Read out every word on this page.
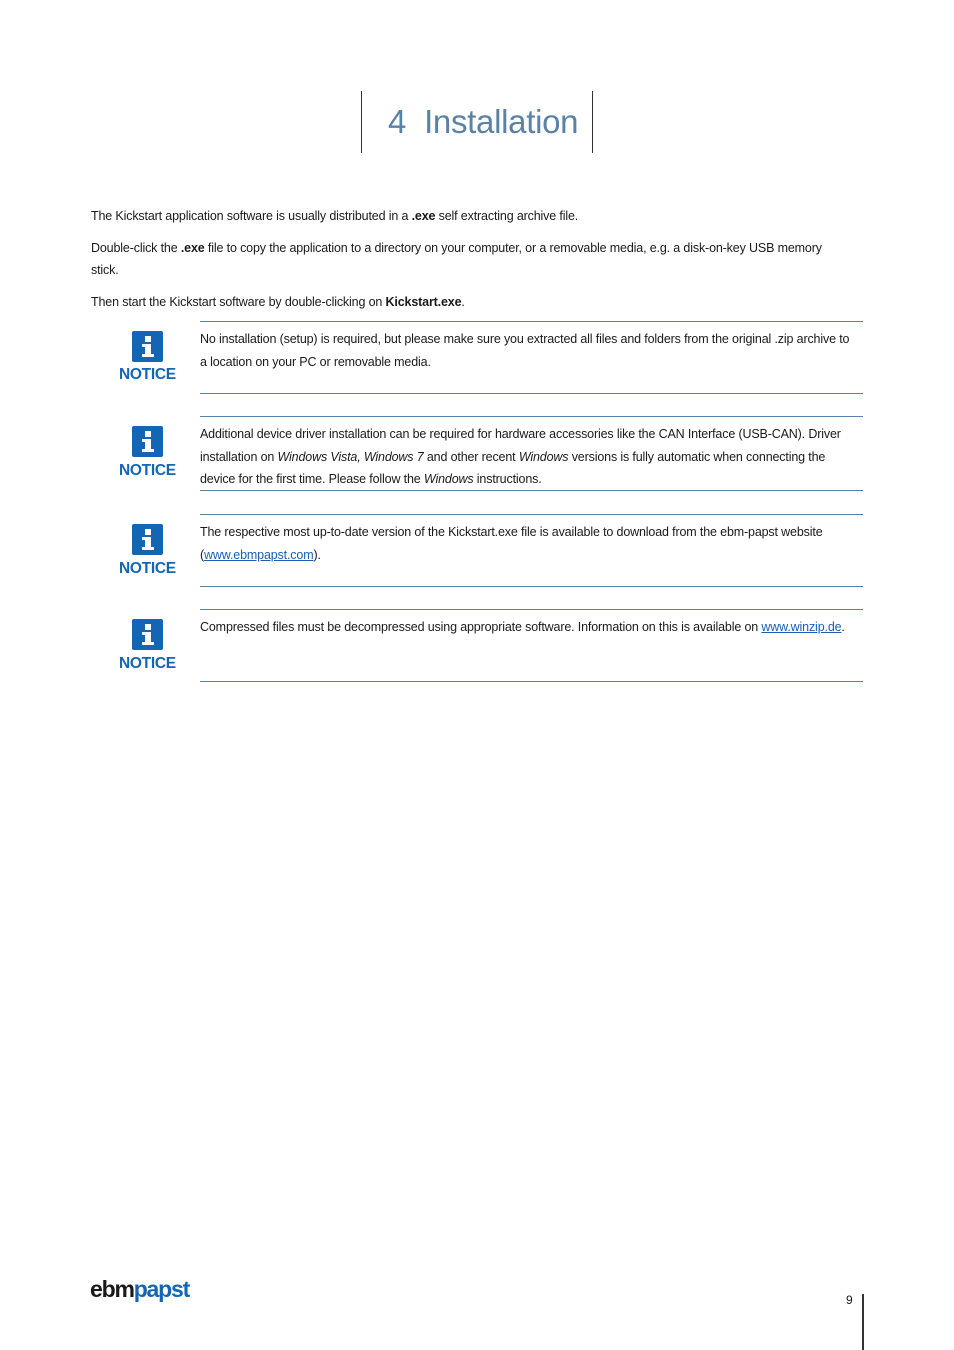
4 Installation
The Kickstart application software is usually distributed in a .exe self extracting archive file.
Double-click the .exe file to copy the application to a directory on your computer, or a removable media, e.g. a disk-on-key USB memory stick.
Then start the Kickstart software by double-clicking on Kickstart.exe.
NOTICE
No installation (setup) is required, but please make sure you extracted all files and folders from the original .zip archive to a location on your PC or removable media.
NOTICE
Additional device driver installation can be required for hardware accessories like the CAN Interface (USB-CAN). Driver installation on Windows Vista, Windows 7 and other recent Windows versions is fully automatic when connecting the device for the first time. Please follow the Windows instructions.
NOTICE
The respective most up-to-date version of the Kickstart.exe file is available to download from the ebm-papst website (www.ebmpapst.com).
NOTICE
Compressed files must be decompressed using appropriate software. Information on this is available on www.winzip.de.
ebmpapst	9
